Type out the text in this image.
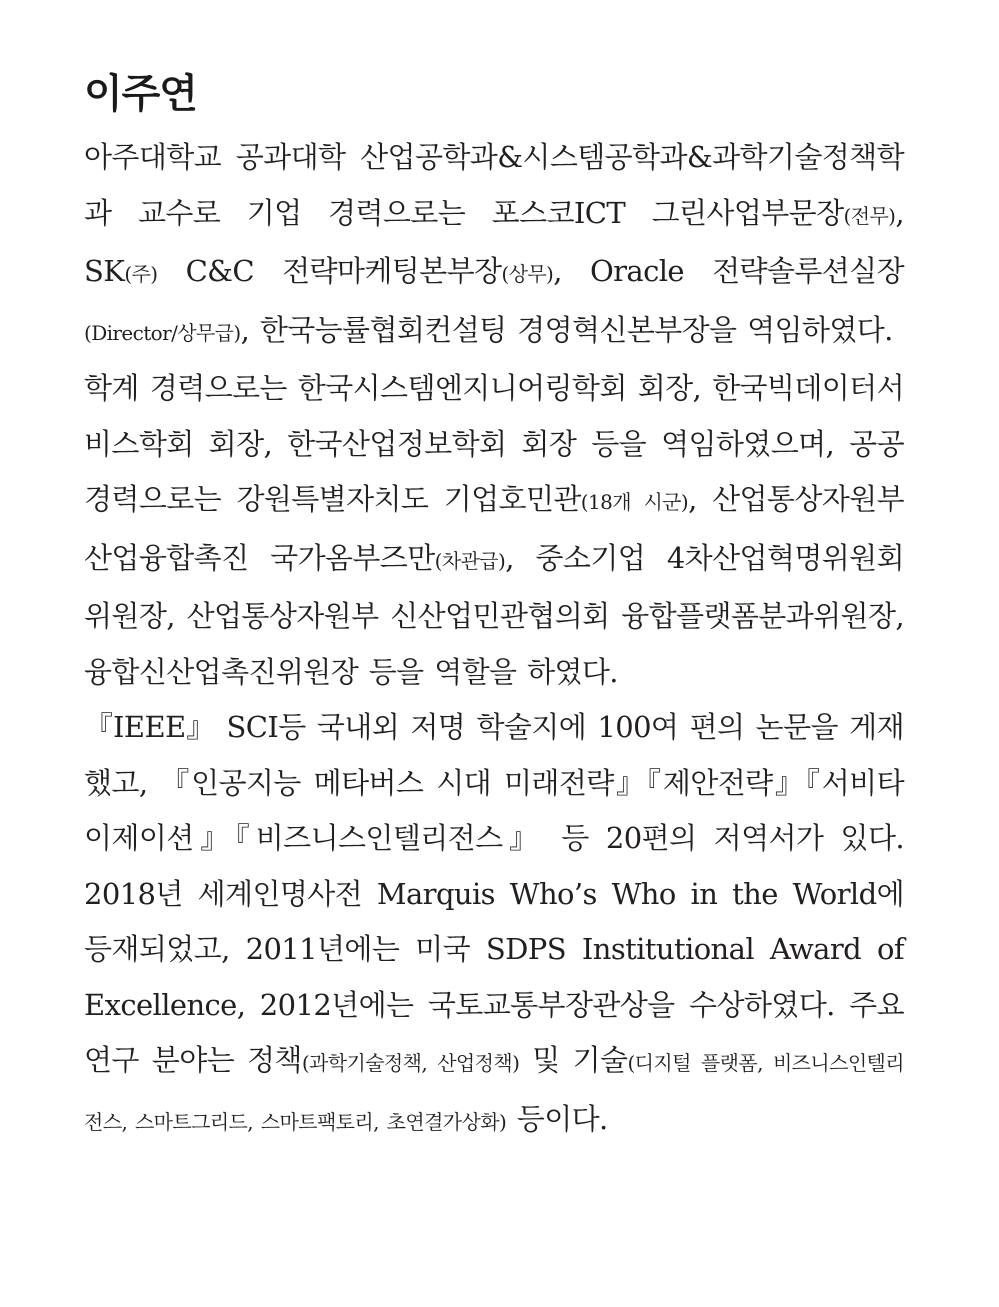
이주연

아주대학교 공과대학 산업공학과&시스템공학과&과학기술정책학과 교수로 기업 경력으로는 포스코ICT 그린사업부문장(전무), SK(주) C&C 전략마케팅본부장(상무), Oracle 전략솔루션실장(Director/상무급), 한국능률협회컨설팅 경영혁신본부장을 역임하였다.

학계 경력으로는 한국시스템엔지니어링학회 회장, 한국빅데이터서비스학회 회장, 한국산업정보학회 회장 등을 역임하였으며, 공공 경력으로는 강원특별자치도 기업호민관(18개 시군), 산업통상자원부 산업융합촉진 국가옴부즈만(차관급), 중소기업 4차산업혁명위원회 위원장, 산업통상자원부 신산업민관협의회 융합플랫폼분과위원장, 융합신산업촉진위원장 등을 역할을 하였다.

『IEEE』 SCI등 국내외 저명 학술지에 100여 편의 논문을 게재했고, 『인공지능 메타버스 시대 미래전략』『제안전략』『서비타이제이션』『비즈니스인텔리전스』 등 20편의 저역서가 있다. 2018년 세계인명사전 Marquis Who’s Who in the World에 등재되었고, 2011년에는 미국 SDPS Institutional Award of Excellence, 2012년에는 국토교통부장관상을 수상하였다. 주요연구 분야는 정책(과학기술정책, 산업정책) 및 기술(디지털 플랫폼, 비즈니스인텔리전스, 스마트그리드, 스마트팩토리, 초연결가상화) 등이다.
